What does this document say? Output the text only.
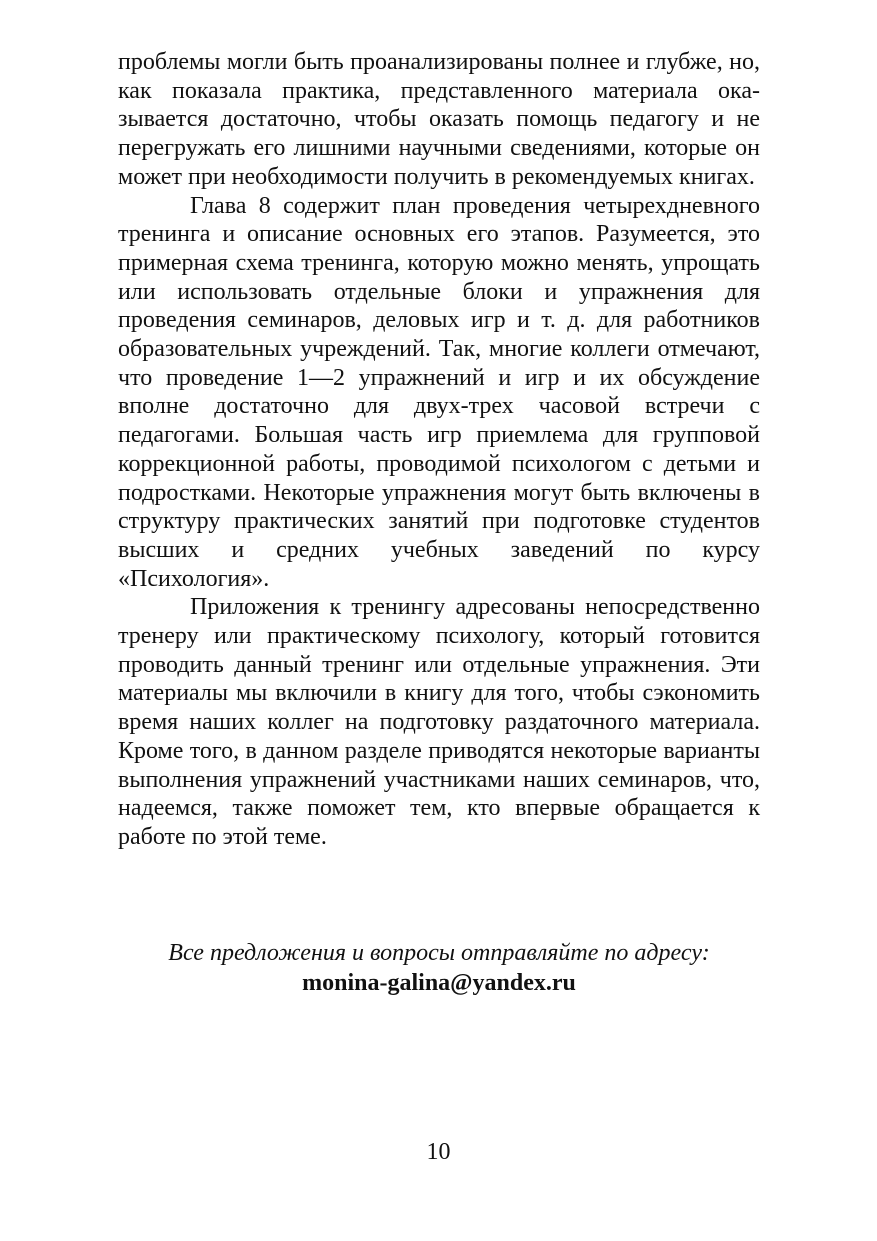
проблемы могли быть проанализированы полнее и глубже, но, как показала практика, представленного материала оказывается достаточно, чтобы оказать помощь педагогу и не перегружать его лишними научными сведениями, которые он может при необходимости получить в рекомендуемых книгах.

Глава 8 содержит план проведения четырехдневного тренинга и описание основных его этапов. Разумеется, это примерная схема тренинга, которую можно менять, упрощать или использовать отдельные блоки и упражнения для проведения семинаров, деловых игр и т. д. для работников образовательных учреждений. Так, многие коллеги отмечают, что проведение 1—2 упражнений и игр и их обсуждение вполне достаточно для двух-трех часовой встречи с педагогами. Большая часть игр приемлема для групповой коррекционной работы, проводимой психологом с детьми и подростками. Некоторые упражнения могут быть включены в структуру практических занятий при подготовке студентов высших и средних учебных заведений по курсу «Психология».

Приложения к тренингу адресованы непосредственно тренеру или практическому психологу, который готовится проводить данный тренинг или отдельные упражнения. Эти материалы мы включили в книгу для того, чтобы сэкономить время наших коллег на подготовку раздаточного материала. Кроме того, в данном разделе приводятся некоторые варианты выполнения упражнений участниками наших семинаров, что, надеемся, также поможет тем, кто впервые обращается к работе по этой теме.

Все предложения и вопросы отправляйте по адресу:
monina-galina@yandex.ru
10
